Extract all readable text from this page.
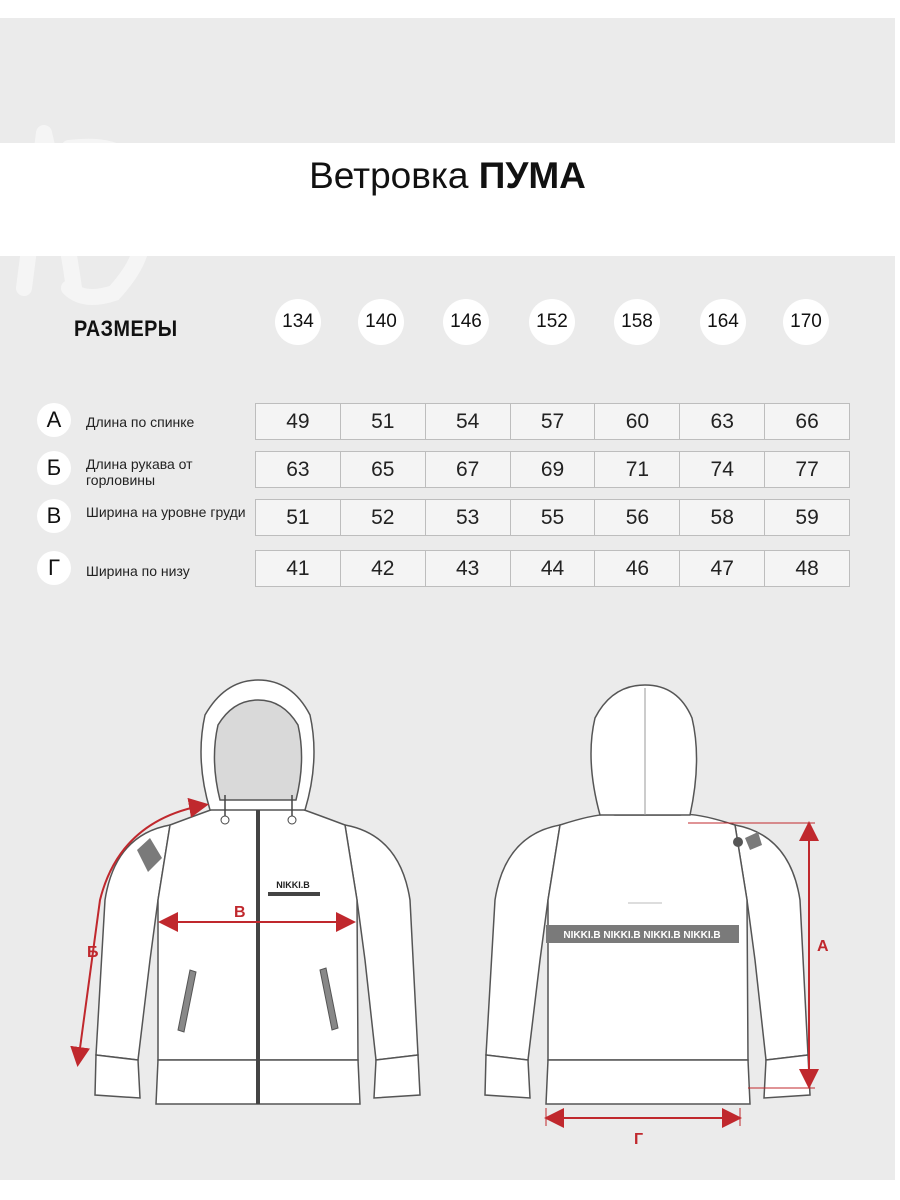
Ветровка ПУМА
РАЗМЕРЫ	134	140	146	152	158	164	170
А	Длина по спинке	49	51	54	57	60	63	66
Б	Длина рукава от горловины	63	65	67	69	71	74	77
В	Ширина на уровне груди	51	52	53	55	56	58	59
Г	Ширина по низу	41	42	43	44	46	47	48
NIKKI.B
Б
В
NIKKI.B NIKKI.B NIKKI.B NIKKI.B
А
Г
